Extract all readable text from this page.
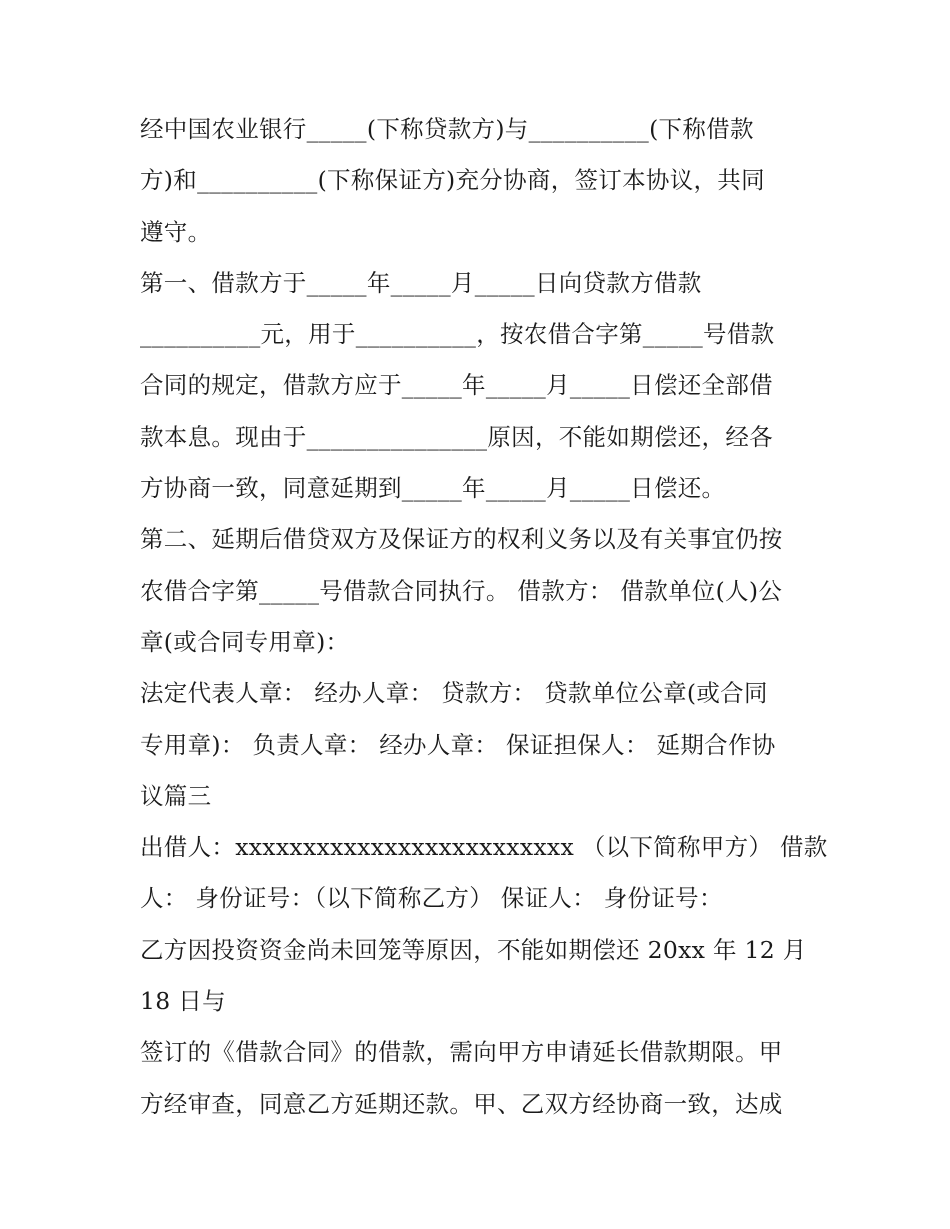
经中国农业银行_____(下称贷款方)与__________(下称借款
方)和__________(下称保证方)充分协商，签订本协议，共同
遵守。
第一、借款方于_____年_____月_____日向贷款方借款
__________元，用于__________，按农借合字第_____号借款
合同的规定，借款方应于_____年_____月_____日偿还全部借
款本息。现由于_______________原因，不能如期偿还，经各
方协商一致，同意延期到_____年_____月_____日偿还。
第二、延期后借贷双方及保证方的权利义务以及有关事宜仍按
农借合字第_____号借款合同执行。 借款方： 借款单位(人)公
章(或合同专用章)：
法定代表人章： 经办人章： 贷款方： 贷款单位公章(或合同
专用章)： 负责人章： 经办人章： 保证担保人： 延期合作协
议篇三
出借人：xxxxxxxxxxxxxxxxxxxxxxxxx （以下简称甲方） 借款
人： 身份证号：（以下简称乙方） 保证人： 身份证号：
乙方因投资资金尚未回笼等原因，不能如期偿还 20xx 年 12 月
18 日与
签订的《借款合同》的借款，需向甲方申请延长借款期限。甲
方经审查，同意乙方延期还款。甲、乙双方经协商一致，达成
